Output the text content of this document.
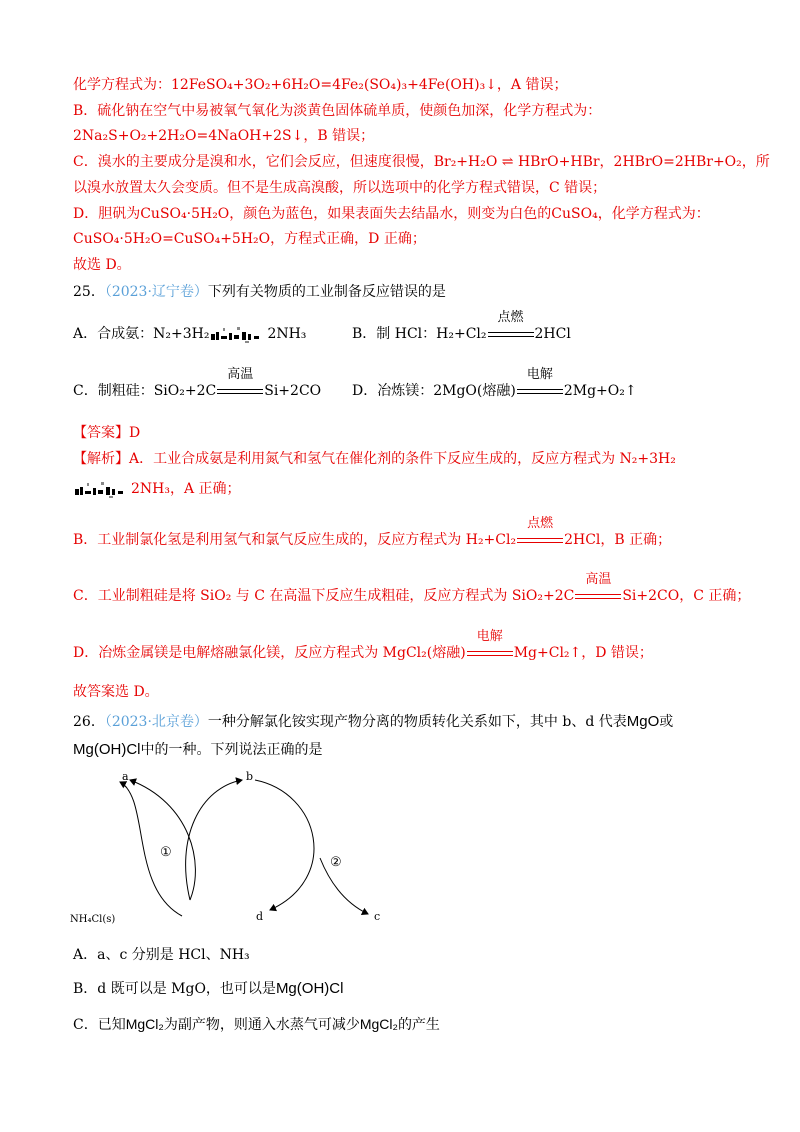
化学方程式为：12FeSO₄+3O₂+6H₂O=4Fe₂(SO₄)₃+4Fe(OH)₃↓，A 错误；
B．硫化钠在空气中易被氧气氧化为淡黄色固体硫单质，使颜色加深，化学方程式为：
2Na₂S+O₂+2H₂O=4NaOH+2S↓，B 错误；
C．溴水的主要成分是溴和水，它们会反应，但速度很慢，Br₂+H₂O ⇌ HBrO+HBr，2HBrO=2HBr+O₂，所
以溴水放置太久会变质。但不是生成高溴酸，所以选项中的化学方程式错误，C 错误；
D．胆矾为CuSO₄·5H₂O，颜色为蓝色，如果表面失去结晶水，则变为白色的CuSO₄，化学方程式为：
CuSO₄·5H₂O=CuSO₄+5H₂O，方程式正确，D 正确；
故选 D。
25．（2023·辽宁卷）下列有关物质的工业制备反应错误的是
A．合成氨：N₂+3H₂	2NH₃	B．制 HCl：H₂+Cl₂
点燃
2HCl
C．制粗硅：SiO₂+2C
高温
Si+2CO D．冶炼镁：2MgO(熔融)
电解
2Mg+O₂↑
【答案】D
【解析】A．工业合成氨是利用氮气和氢气在催化剂的条件下反应生成的，反应方程式为 N₂+3H₂
2NH₃，A 正确；
B．工业制氯化氢是利用氢气和氯气反应生成的，反应方程式为 H₂+Cl₂
点燃
2HCl，B 正确；
C．工业制粗硅是将 SiO₂ 与 C 在高温下反应生成粗硅，反应方程式为 SiO₂+2C
高温
Si+2CO，C 正确；
D．冶炼金属镁是电解熔融氯化镁，反应方程式为 MgCl₂(熔融)
电解
Mg+Cl₂↑，D 错误；
故答案选 D。
26．（2023·北京卷）一种分解氯化铵实现产物分离的物质转化关系如下，其中 b、d 代表MgO或
Mg(OH)Cl中的一种。下列说法正确的是
a	b
c
d
NH₄Cl(s)
①
②
A．a、c 分别是 HCl、NH₃
B．d 既可以是 MgO，也可以是Mg(OH)Cl
C．已知MgCl₂为副产物，则通入水蒸气可减少MgCl₂的产生
